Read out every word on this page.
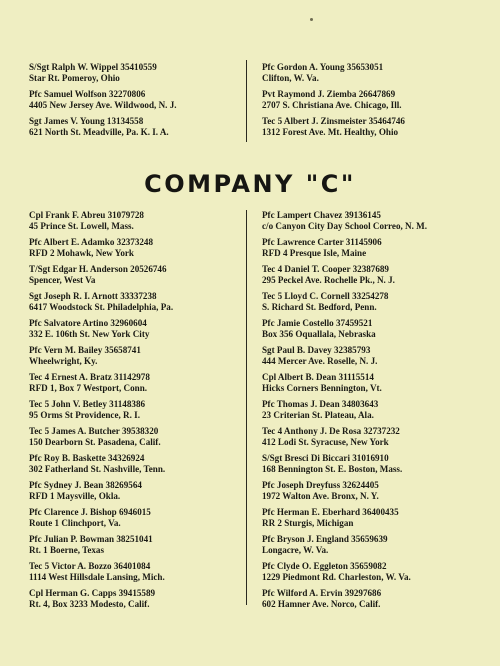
S/Sgt Ralph W. Wippel 35410559
Star Rt. Pomeroy, Ohio
Pfc Samuel Wolfson 32270806
4405 New Jersey Ave. Wildwood, N. J.
Sgt James V. Young 13134558
621 North St. Meadville, Pa. K. I. A.
Pfc Gordon A. Young 35653051
Clifton, W. Va.
Pvt Raymond J. Ziemba 26647869
2707 S. Christiana Ave. Chicago, Ill.
Tec 5 Albert J. Zinsmeister 35464746
1312 Forest Ave. Mt. Healthy, Ohio
COMPANY "C"
Cpl Frank F. Abreu 31079728
45 Prince St. Lowell, Mass.
Pfc Albert E. Adamko 32373248
RFD 2 Mohawk, New York
T/Sgt Edgar H. Anderson 20526746
Spencer, West Va
Sgt Joseph R. I. Arnott 33337238
6417 Woodstock St. Philadelphia, Pa.
Pfc Salvatore Artino 32960604
332 E. 106th St. New York City
Pfc Vern M. Bailey 35658741
Wheelwright, Ky.
Tec 4 Ernest A. Bratz 31142978
RFD 1, Box 7 Westport, Conn.
Tec 5 John V. Betley 31148386
95 Orms St Providence, R. I.
Tec 5 James A. Butcher 39538320
150 Dearborn St. Pasadena, Calif.
Pfc Roy B. Baskette 34326924
302 Fatherland St. Nashville, Tenn.
Pfc Sydney J. Bean 38269564
RFD 1 Maysville, Okla.
Pfc Clarence J. Bishop 6946015
Route 1 Clinchport, Va.
Pfc Julian P. Bowman 38251041
Rt. 1 Boerne, Texas
Tec 5 Victor A. Bozzo 36401084
1114 West Hillsdale Lansing, Mich.
Cpl Herman G. Capps 39415589
Rt. 4, Box 3233 Modesto, Calif.
Pfc Lampert Chavez 39136145
c/o Canyon City Day School Correo, N. M.
Pfc Lawrence Carter 31145906
RFD 4 Presque Isle, Maine
Tec 4 Daniel T. Cooper 32387689
295 Peckel Ave. Rochelle Pk., N. J.
Tec 5 Lloyd C. Cornell 33254278
S. Richard St. Bedford, Penn.
Pfc Jamie Costello 37459521
Box 356 Oquallala, Nebraska
Sgt Paul B. Davey 32385793
444 Mercer Ave. Roselle, N. J.
Cpl Albert B. Dean 31115514
Hicks Corners Bennington, Vt.
Pfc Thomas J. Dean 34803643
23 Criterian St. Plateau, Ala.
Tec 4 Anthony J. De Rosa 32737232
412 Lodi St. Syracuse, New York
S/Sgt Bresci Di Biccari 31016910
168 Bennington St. E. Boston, Mass.
Pfc Joseph Dreyfuss 32624405
1972 Walton Ave. Bronx, N. Y.
Pfc Herman E. Eberhard 36400435
RR 2 Sturgis, Michigan
Pfc Bryson J. England 35659639
Longacre, W. Va.
Pfc Clyde O. Eggleton 35659082
1229 Piedmont Rd. Charleston, W. Va.
Pfc Wilford A. Ervin 39297686
602 Hamner Ave. Norco, Calif.
